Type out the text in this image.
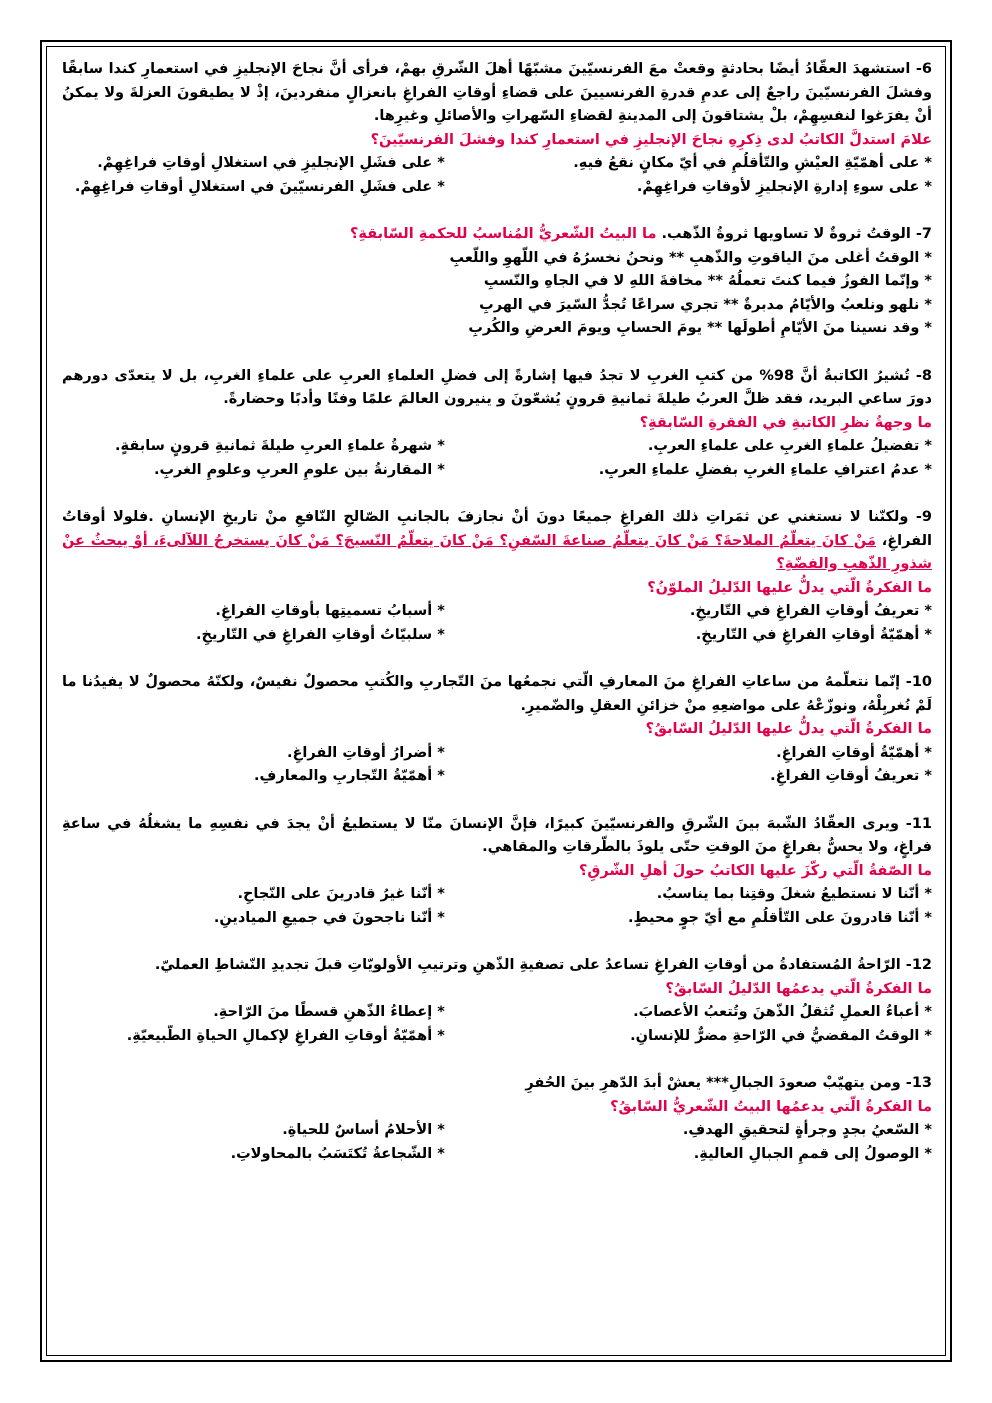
6- استشهدَ العقّادُ أيضًا بحادثةٍ وقعتْ معَ الفرنسيّينَ مشبّهًا أهلَ الشّرقِ بهمْ، فرأى أنَّ نجاحَ الإنجليزِ في استعمارِ كندا سابقًا وفشلَ الفرنسيّينَ راجعٌ إلى عدمِ قدرةِ الفرنسيينَ على قضاءِ أوقاتِ الفراغِ بانعزالٍ منفردينَ، إذْ لا يطيقونَ العزلةَ ولا يمكنُ أنْ يفرَغوا لنفسِهِمْ، بلْ يشتاقونَ إلى المدينةِ لقضاءِ السّهراتِ والأصائلِ وغيرِها.

علامَ استدلَّ الكاتبُ لدى ذِكرِهِ نجاحَ الإنجليزِ في استعمارِ كندا وفشلَ الفرنسيّينَ؟

* على أهمّيّةِ العيْشِ والتّأقلُمِ في أيّ مكانٍ نقعُ فيهِ.
* على فشَلِ الإنجليزِ في استغلالِ أوقاتِ فراغِهِمْ.
* على سوءِ إدارةِ الإنجليزِ لأوقاتِ فراغِهِمْ.
* على فشَلِ الفرنسيّينَ في استغلالِ أوقاتِ فراغِهِمْ.

7- الوقتُ ثروةٌ لا تساويها ثروةُ الذّهب. ما البيتُ الشّعريُّ المُناسبُ للحكمةِ السّابقةِ؟

* الوقتُ أغلى منَ الياقوتِ والذّهبِ ** ونحنُ نخسرُهُ في اللّهوِ واللّعبِ

* وإنّما الفوزُ فيما كنتَ تعملُهُ ** مخافةَ اللهِ لا في الجاهِ والنّسبِ

* نلهو ونلعبُ والأيّامُ مدبرةٌ ** تجري سراعًا تُجدُّ السّيرَ في الهربِ

* وقد نسينا منَ الأيّامِ أطولَها ** يومَ الحسابِ ويومَ العرضِ والكُربِ

8- تُشيرُ الكاتبةُ أنَّ 98% من كتبِ الغربِ لا تجدُ فيها إشارةً إلى فضلِ العلماءِ العربِ على علماءِ الغربِ، بل لا يتعدّى دورهم دورَ ساعي البريد، فقد ظلَّ العربُ طيلةَ ثمانيةِ قرونٍ يُشعّونَ و ينيرون العالمَ علمًا وفنًا وأدبًا وحضارةً.

ما وجهةُ نظرِ الكاتبةِ في الفقرةِ السّابقةِ؟

* تفضيلُ علماءِ الغربِ على علماءِ العربِ.
* شهرةُ علماءِ العربِ طيلةَ ثمانيةِ قرونٍ سابقةٍ.
* عدمُ اعترافِ علماءِ الغربِ بفضلِ علماءِ العربِ.
* المقارنةُ بين علومِ العربِ وعلومِ الغربِ.

9- ولكنّنا لا نستغني عن ثمَراتِ ذلك الفراغِ جميعًا دونَ أنْ نجازفَ بالجانبِ الصّالحِ النّافعِ منْ تاريخِ الإنسانِ .فلولا أوقاتُ الفراغِ، مَنْ كانَ يتعلّمُ الملاحةَ؟ مَنْ كانَ يتعلّمُ صناعةَ السّفنِ؟ مَنْ كانَ يتعلّمُ النّسيجَ؟ مَنْ كانَ يستخرجُ اللآلىءَ، أوْ يبحثُ عنْ شذورِ الذّهبِ والفضّةِ؟

ما الفكرةُ الّتي يدلُّ عليها الدّليلُ الملوّنُ؟

* تعريفُ أوقاتِ الفراغِ في التّاريخِ.
* أسبابُ تسميتِها بأوقاتِ الفراغِ.
* أهمّيّةُ أوقاتِ الفراغِ في التّاريخِ.
* سلبيّاتُ أوقاتِ الفراغِ في التّاريخِ.

10- إنّما نتعلّمهُ من ساعاتِ الفراغِ منَ المعارفِ الّتي نجمعُها منَ التّجاربِ والكُتبِ محصولٌ نفيسٌ، ولكنّهُ محصولٌ لا يفيدُنا ما لَمْ نُغربِلْهُ، ونوزّعْهُ على مواضعِهِ منْ خزائنِ العقلِ والضّميرِ.

ما الفكرةُ الّتي يدلُّ عليها الدّليلُ السّابقُ؟

* أهمّيّةُ أوقاتِ الفراغِ.
* أضرارُ أوقاتِ الفراغِ.
* تعريفُ أوقاتِ الفراغِ.
* أهمّيّةُ التّجاربِ والمعارفِ.

11- ويرى العقّادُ الشّبهَ بينَ الشّرقِ والفرنسيّينَ كبيرًا، فإنَّ الإنسانَ منّا لا يستطيعُ أنْ يجدَ في نفسِهِ ما يشغلُهُ في ساعةِ فراغٍ، ولا يحسُّ بفراغٍ منَ الوقتِ حتّى يلوذَ بالطّرقاتِ والمقاهي.

ما الصّفةُ الّتي ركّزَ عليها الكاتبُ حولَ أهلِ الشّرقِ؟

* أنّنا لا نستطيعُ شغلَ وقتِنا بما يناسبُ.
* أنّنا غيرُ قادرينَ على النّجاحِ.
* أنّنا قادرونَ على التّأقلُمِ مع أيّ جوٍ محيطٍ.
* أنّنا ناجحونَ في جميعِ الميادينِ.

12- الرّاحةُ المُستفادةُ من أوقاتِ الفراغِ تساعدُ على تصفيةِ الذّهنِ وترتيبِ الأولويّاتِ قبلَ تجديدِ النّشاطِ العمليّ.

ما الفكرةُ الّتي يدعمُها الدّليلُ السّابقُ؟

* أعباءُ العملِ تُثقلُ الذّهنَ وتُتعبُ الأعصابَ.
* إعطاءُ الذّهنِ قسطًا منَ الرّاحةِ.
* الوقتُ المقضيُّ في الرّاحةِ مضرٌّ للإنسانِ.
* أهمّيّةُ أوقاتِ الفراغِ لإكمالِ الحياةِ الطّبيعيّةِ.

13- ومن يتهيّبْ صعودَ الجبالِ*** يعشْ أبدَ الدّهرِ بينَ الحُفرِ

ما الفكرةُ الّتي يدعمُها البيتُ الشّعريُّ السّابقُ؟

* السّعيُ بجدٍ وجرأةٍ لتحقيقِ الهدفِ.
* الأحلامُ أساسٌ للحياةِ.
* الوصولُ إلى قممِ الجبالِ العاليةِ.
* الشّجاعةُ تُكتَسَبُ بالمحاولاتِ.
